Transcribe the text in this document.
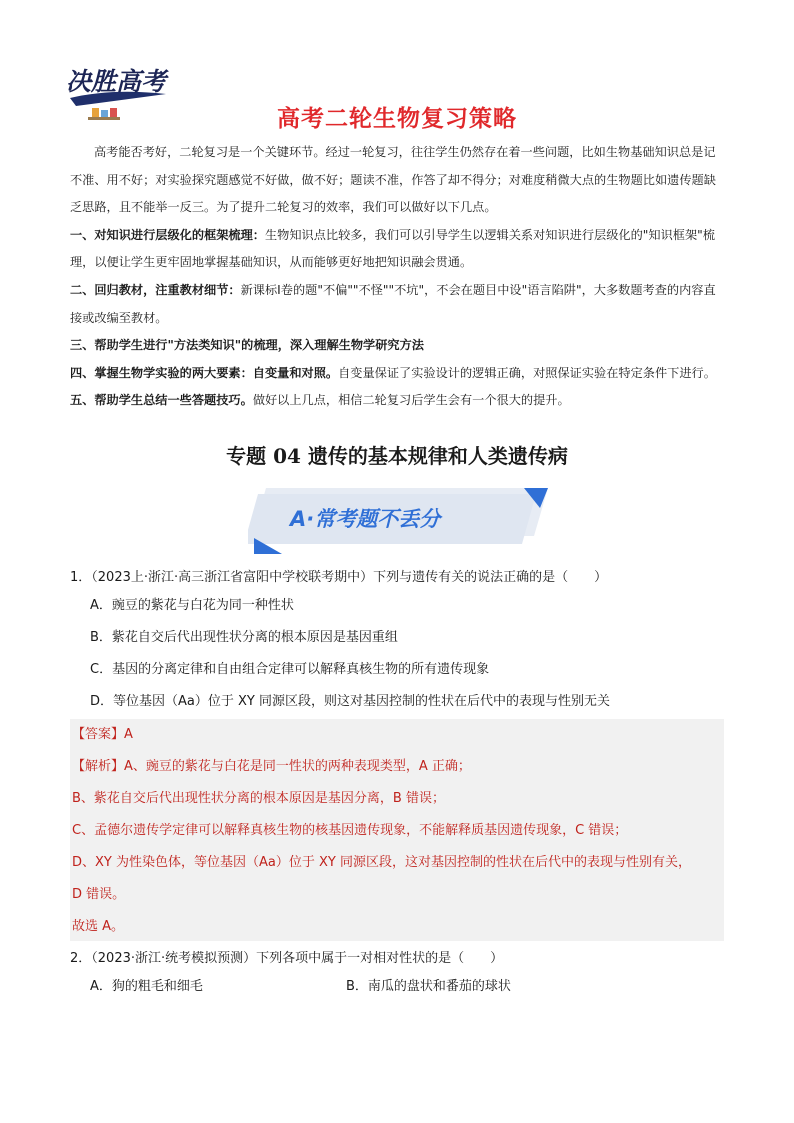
决胜高考
高考二轮生物复习策略

高考能否考好，二轮复习是一个关键环节。经过一轮复习，往往学生仍然存在着一些问题，比如生物基础知识总是记不准、用不好；对实验探究题感觉不好做，做不好；题读不准，作答了却不得分；对难度稍微大点的生物题比如遗传题缺乏思路，且不能举一反三。为了提升二轮复习的效率，我们可以做好以下几点。

一、对知识进行层级化的框架梳理：生物知识点比较多，我们可以引导学生以逻辑关系对知识进行层级化的"知识框架"梳理，以便让学生更牢固地掌握基础知识，从而能够更好地把知识融会贯通。

二、回归教材，注重教材细节：新课标Ⅰ卷的题"不偏""不怪""不坑"，不会在题目中设"语言陷阱"，大多数题考查的内容直接或改编至教材。

三、帮助学生进行"方法类知识"的梳理，深入理解生物学研究方法

四、掌握生物学实验的两大要素：自变量和对照。自变量保证了实验设计的逻辑正确，对照保证实验在特定条件下进行。

五、帮助学生总结一些答题技巧。做好以上几点，相信二轮复习后学生会有一个很大的提升。

专题 04 遗传的基本规律和人类遗传病
A·常考题不丢分
1．（2023上·浙江·高三浙江省富阳中学校联考期中）下列与遗传有关的说法正确的是（　　）
A．豌豆的紫花与白花为同一种性状
B．紫花自交后代出现性状分离的根本原因是基因重组
C．基因的分离定律和自由组合定律可以解释真核生物的所有遗传现象
D．等位基因（Aa）位于 XY 同源区段，则这对基因控制的性状在后代中的表现与性别无关
【答案】A
【解析】A、豌豆的紫花与白花是同一性状的两种表现类型，A 正确；
B、紫花自交后代出现性状分离的根本原因是基因分离，B 错误；
C、孟德尔遗传学定律可以解释真核生物的核基因遗传现象，不能解释质基因遗传现象，C 错误；
D、XY 为性染色体，等位基因（Aa）位于 XY 同源区段，这对基因控制的性状在后代中的表现与性别有关，
D 错误。
故选 A。
2．（2023·浙江·统考模拟预测）下列各项中属于一对相对性状的是（　　）
A．狗的粗毛和细毛	B．南瓜的盘状和番茄的球状
